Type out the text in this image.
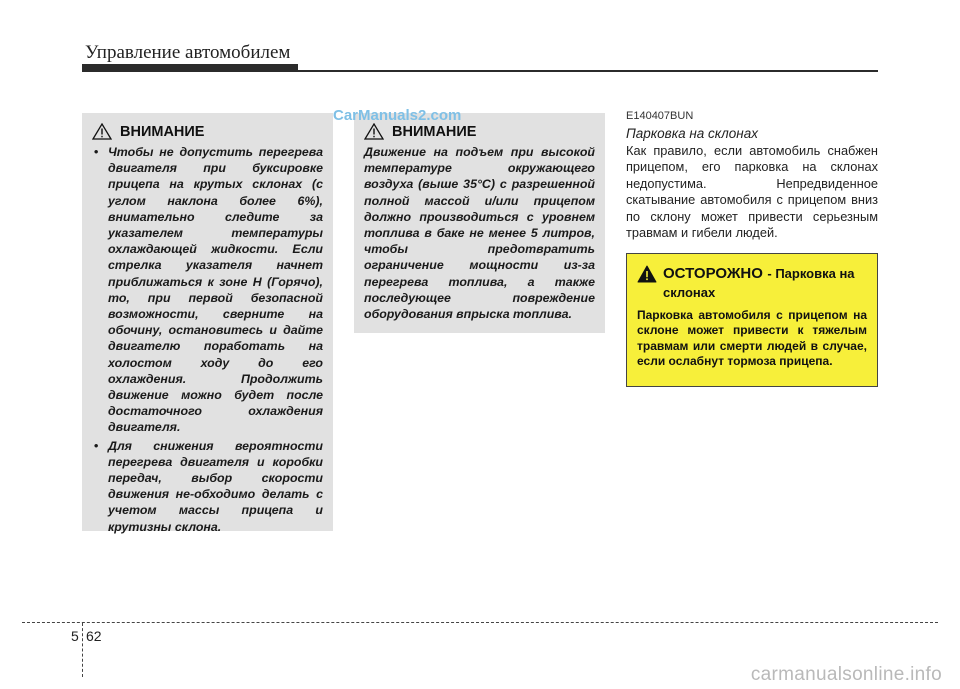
Управление автомобилем
CarManuals2.com
ВНИМАНИЕ
• Чтобы не допустить перегрева двигателя при буксировке прицепа на крутых склонах (с углом наклона более 6%), внимательно следите за указателем температуры охлаждающей жидкости. Если стрелка указателя начнет приближаться к зоне H (Горячо), то, при первой безопасной возможности, сверните на обочину, остановитесь и дайте двигателю поработать на холостом ходу до его охлаждения. Продолжить движение можно будет после достаточного охлаждения двигателя.
• Для снижения вероятности перегрева двигателя и коробки передач, выбор скорости движения не-обходимо делать с учетом массы прицепа и крутизны склона.
ВНИМАНИЕ

Движение на подъем при высокой температуре окружающего воздуха (выше 35°C) с разрешенной полной массой и/или прицепом должно производиться с уровнем топлива в баке не менее 5 литров, чтобы предотвратить ограничение мощности из-за перегрева топлива, а также последующее повреждение оборудования впрыска топлива.

E140407BUN
Парковка на склонах

Как правило, если автомобиль снабжен прицепом, его парковка на склонах недопустима. Непредвиденное скатывание автомобиля с прицепом вниз по склону может привести серьезным травмам и гибели людей.

ОСТОРОЖНО - Парковка на склонах

Парковка автомобиля с прицепом на склоне может привести к тяжелым травмам или смерти людей в случае, если ослабнут тормоза прицепа.

5 62
carmanualsonline.info
